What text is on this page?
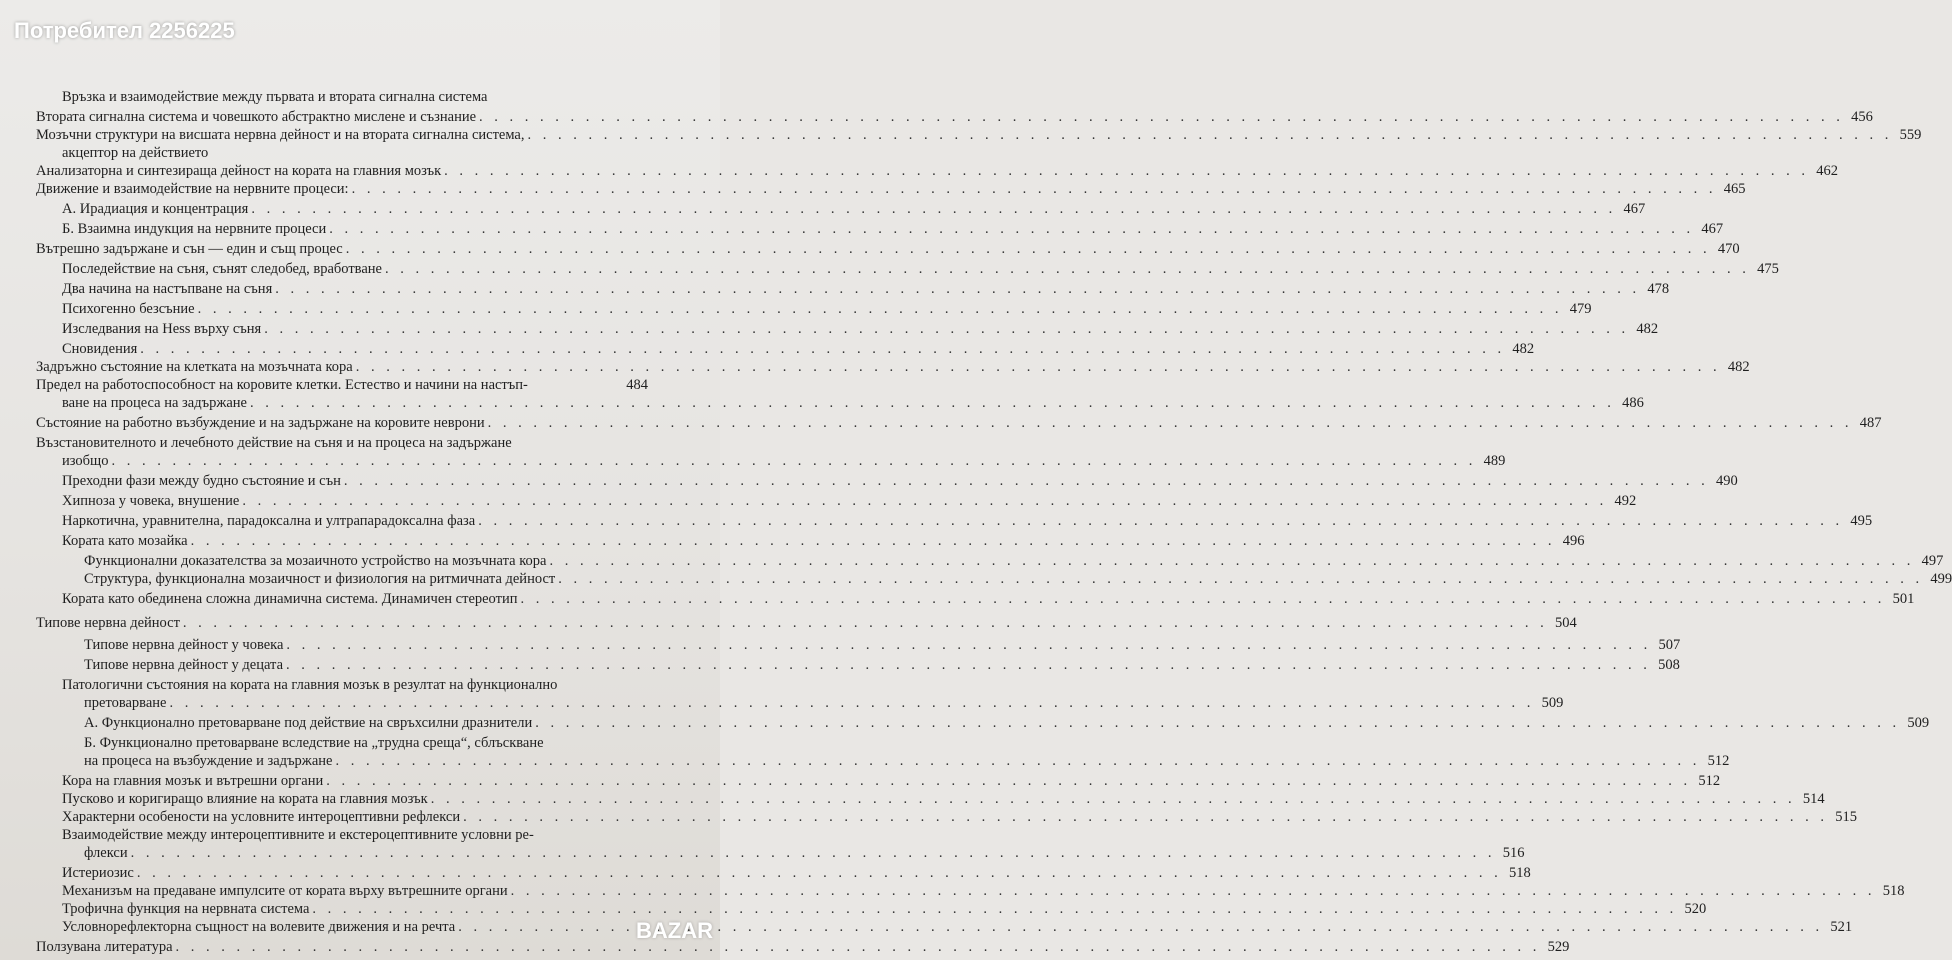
Потребител 2256225
Връзка и взаимодействие между първата и втората сигнална система
Втората сигнална система и човешкото абстрактно мислене и съзнание . . .	456
Мозъчни структури на висшата нервна дейност и на втората сигнална система, . . .	559
акцептор на действието
Анализаторна и синтезираща дейност на кората на главния мозък . . .	462
Движение и взаимодействие на нервните процеси: . . .	465
А. Ирадиация и концентрация . . .	467
Б. Взаимна индукция на нервните процеси . . .	467
Вътрешно задържане и сън — един и същ процес . . .	470
Последействие на съня, сънят следобед, вработване . . .	475
Два начина на настъпване на съня . . .	478
Психогенно безсъние . . .	479
Изследвания на Hess върху съня . . .	482
Сновидения . . .	482
Задръжно състояние на клетката на мозъчната кора . . .	482
Предел на работоспособност на коровите клетки. Естество и начини на настъп-	484
ване на процеса на задържане . . .	486
Състояние на работно възбуждение и на задържане на коровите неврони . . .	487
Възстановителното и лечебното действие на съня и на процеса на задържане
изобщо . . .	489
Преходни фази между будно състояние и сън . . .	490
Хипноза у човека, внушение . . .	492
Наркотична, уравнителна, парадоксална и ултрапарадоксална фаза . . .	495
Кората като мозайка . . .	496
Функционални доказателства за мозаичното устройство на мозъчната кора . . .	497
Структура, функционална мозаичност и физиология на ритмичната дейност . . .	499
Кората като обединена сложна динамична система. Динамичен стереотип . . .	501
Типове нервна дейност . . .	504
Типове нервна дейност у човека . . .	507
Типове нервна дейност у децата . . .	508
Патологични състояния на кората на главния мозък в резултат на функционално
претоварване . . .	509
А. Функционално претоварване под действие на свръхсилни дразнители . . .	509
Б. Функционално претоварване вследствие на „трудна среща“, сблъскване
на процеса на възбуждение и задържане . . .	512
Кора на главния мозък и вътрешни органи . . .	512
Пусково и коригиращо влияние на кората на главния мозък . . .	514
Характерни особености на условните интероцептивни рефлекси . . .	515
Взаимодействие между интероцептивните и екстероцептивните условни ре-
флекси . . .	516
Истериозис . . .	518
Механизъм на предаване импулсите от кората върху вътрешните органи . . .	518
Трофична функция на нервната система . . .	520
Условнорефлекторна същност на волевите движения и на речта . . .	521
Ползувана литература . . .	529
BAZAR
